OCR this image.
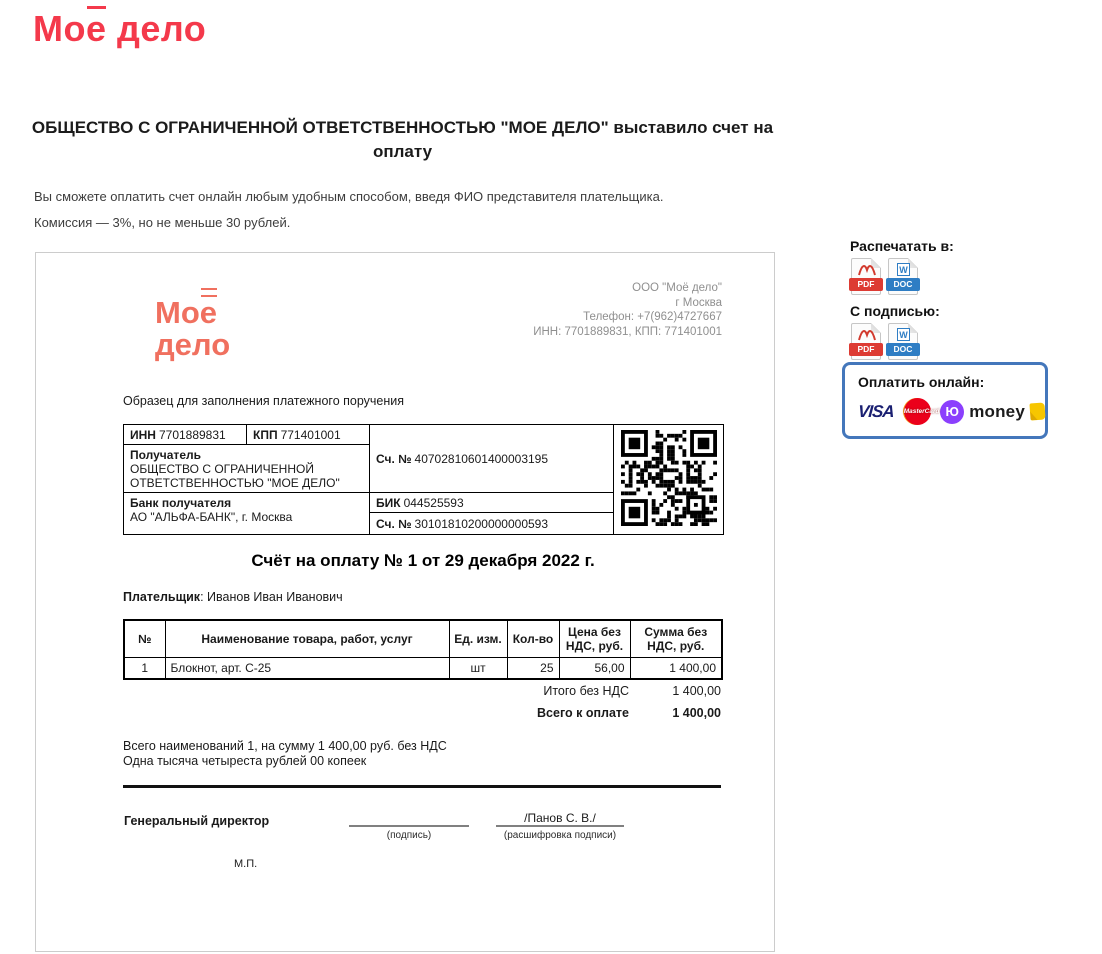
Мое дело
ОБЩЕСТВО С ОГРАНИЧЕННОЙ ОТВЕТСТВЕННОСТЬЮ "МОЕ ДЕЛО" выставило счет на оплату
Вы сможете оплатить счет онлайн любым удобным способом, введя ФИО представителя плательщика.
Комиссия — 3%, но не меньше 30 рублей.
Мое
дело
ООО "Моё дело"
г Москва
Телефон: +7(962)4727667
ИНН: 7701889831, КПП: 771401001
Образец для заполнения платежного поручения
ИНН 7701889831	КПП 771401001	Сч. № 40702810601400003195	
Получатель
ОБЩЕСТВО С ОГРАНИЧЕННОЙ ОТВЕТСТВЕННОСТЬЮ "МОЕ ДЕЛО"			
Банк получателя
АО "АЛЬФА-БАНК", г. Москва		БИК 044525593	
		Сч. № 30101810200000000593	
Счёт на оплату № 1 от 29 декабря 2022 г.
Плательщик: Иванов Иван Иванович
№	Наименование товара, работ, услуг	Ед. изм.	Кол-во	Цена без НДС, руб.	Сумма без НДС, руб.
1	Блокнот, арт. С-25	шт	25	56,00	1 400,00
Итого без НДС	1 400,00
Всего к оплате	1 400,00
Всего наименований 1, на сумму 1 400,00 руб. без НДС
Одна тысяча четыреста рублей 00 копеек
Генеральный директор
(подпись)
/Панов С. В./
(расшифровка подписи)
М.П.
Распечатать в:
PDF
W
DOC
С подписью:
PDF
W
DOC
Оплатить онлайн:
VISA MasterCard Ю money
